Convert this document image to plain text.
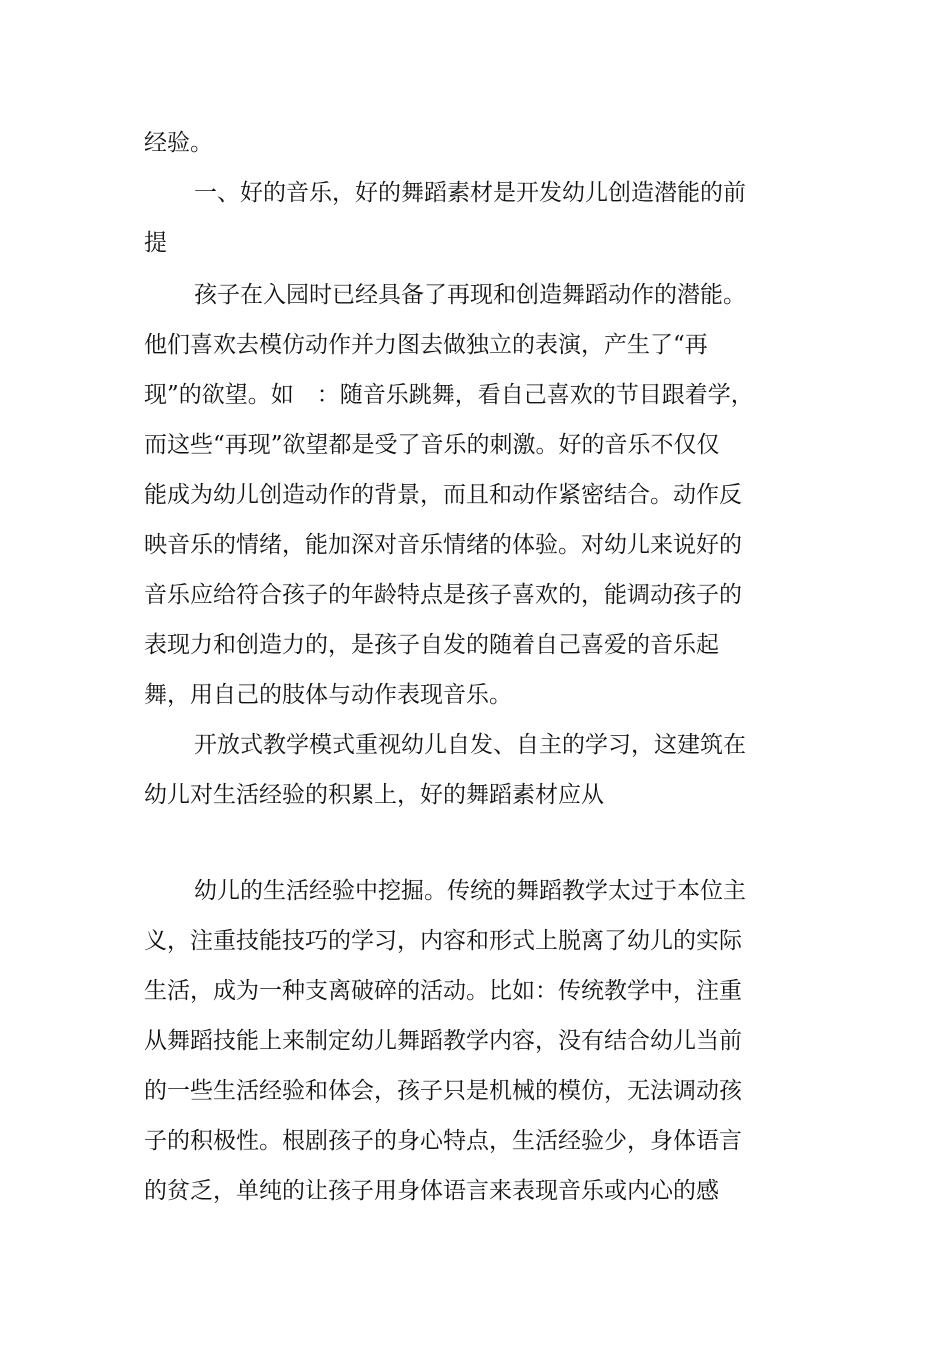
经验。
一、好的音乐，好的舞蹈素材是开发幼儿创造潜能的前
提
孩子在入园时已经具备了再现和创造舞蹈动作的潜能。
他们喜欢去模仿动作并力图去做独立的表演，产生了“再
现”的欲望。如　：随音乐跳舞，看自己喜欢的节目跟着学，
而这些“再现”欲望都是受了音乐的刺激。好的音乐不仅仅
能成为幼儿创造动作的背景，而且和动作紧密结合。动作反
映音乐的情绪，能加深对音乐情绪的体验。对幼儿来说好的
音乐应给符合孩子的年龄特点是孩子喜欢的，能调动孩子的
表现力和创造力的，是孩子自发的随着自己喜爱的音乐起
舞，用自己的肢体与动作表现音乐。
开放式教学模式重视幼儿自发、自主的学习，这建筑在
幼儿对生活经验的积累上，好的舞蹈素材应从
幼儿的生活经验中挖掘。传统的舞蹈教学太过于本位主
义，注重技能技巧的学习，内容和形式上脱离了幼儿的实际
生活，成为一种支离破碎的活动。比如：传统教学中，注重
从舞蹈技能上来制定幼儿舞蹈教学内容，没有结合幼儿当前
的一些生活经验和体会，孩子只是机械的模仿，无法调动孩
子的积极性。根剧孩子的身心特点，生活经验少，身体语言
的贫乏，单纯的让孩子用身体语言来表现音乐或内心的感
